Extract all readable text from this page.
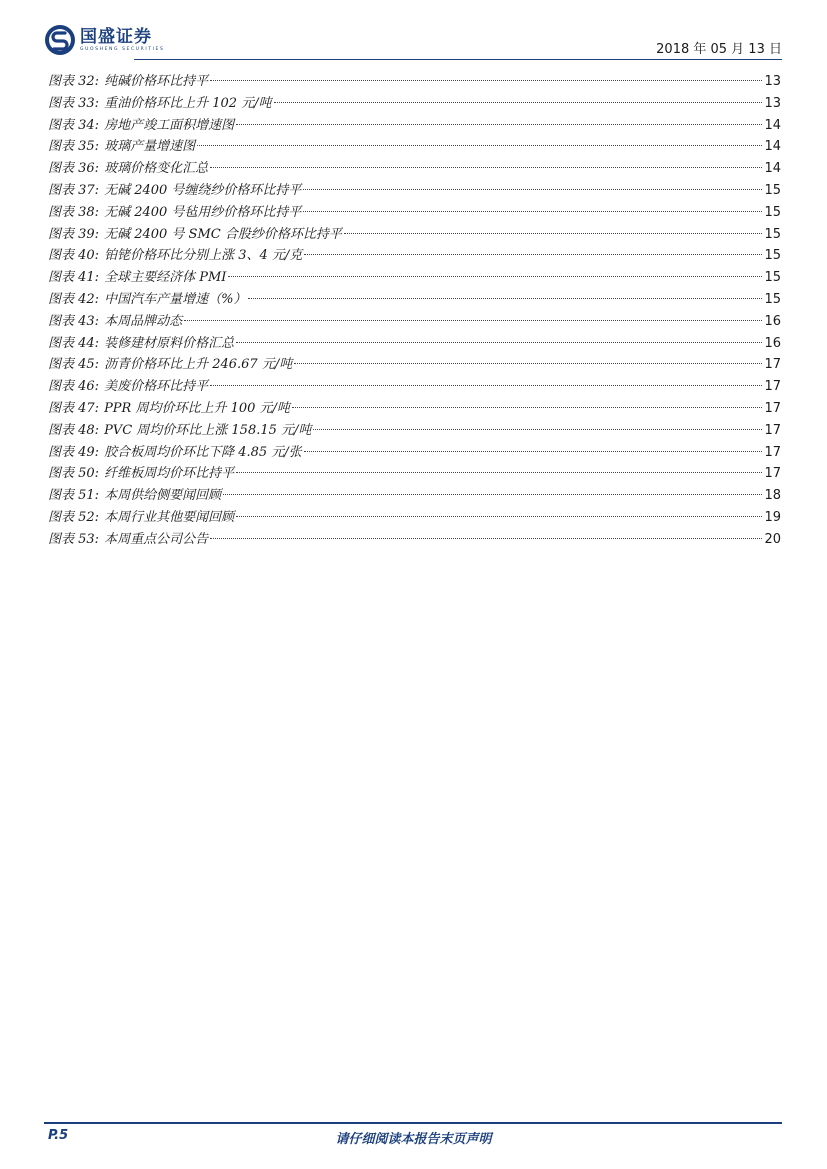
国盛证券
GUOSHENG SECURITIES	2018 年 05 月 13 日
图表 32: 纯碱价格环比持平	13
图表 33: 重油价格环比上升 102 元/吨	13
图表 34: 房地产竣工面积增速图	14
图表 35: 玻璃产量增速图	14
图表 36: 玻璃价格变化汇总	14
图表 37: 无碱 2400 号缠绕纱价格环比持平	15
图表 38: 无碱 2400 号毡用纱价格环比持平	15
图表 39: 无碱 2400 号 SMC 合股纱价格环比持平	15
图表 40: 铂铑价格环比分别上涨 3、4 元/克	15
图表 41: 全球主要经济体 PMI	15
图表 42: 中国汽车产量增速（%）	15
图表 43: 本周品牌动态	16
图表 44: 装修建材原料价格汇总	16
图表 45: 沥青价格环比上升 246.67 元/吨	17
图表 46: 美废价格环比持平	17
图表 47: PPR 周均价环比上升 100 元/吨	17
图表 48: PVC 周均价环比上涨 158.15 元/吨	17
图表 49: 胶合板周均价环比下降 4.85 元/张	17
图表 50: 纤维板周均价环比持平	17
图表 51: 本周供给侧要闻回顾	18
图表 52: 本周行业其他要闻回顾	19
图表 53: 本周重点公司公告	20
P.5	请仔细阅读本报告末页声明
